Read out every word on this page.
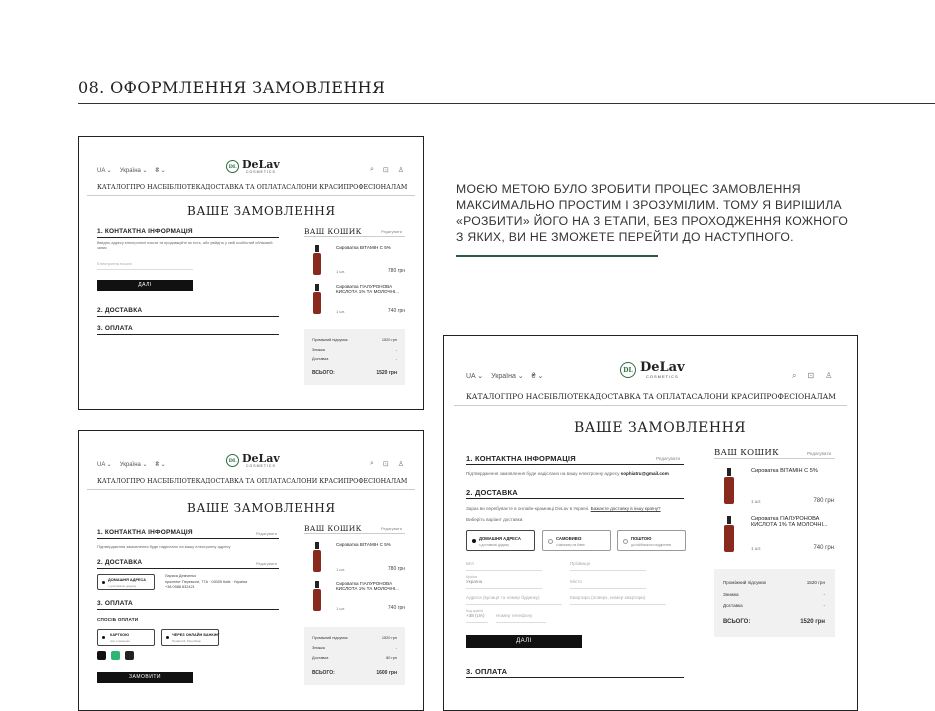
08. ОФОРМЛЕННЯ ЗАМОВЛЕННЯ
МОЄЮ МЕТОЮ БУЛО ЗРОБИТИ ПРОЦЕС ЗАМОВЛЕННЯ
МАКСИМАЛЬНО ПРОСТИМ І ЗРОЗУМІЛИМ. ТОМУ Я ВИРІШИЛА
«РОЗБИТИ» ЙОГО НА 3 ЕТАПИ, БЕЗ ПРОХОДЖЕННЯ КОЖНОГО
З ЯКИХ, ВИ НЕ ЗМОЖЕТЕ ПЕРЕЙТИ ДО НАСТУПНОГО.
UA ⌄ Україна ⌄ ₴ ⌄
DL DeLav
COSMETICS	⌕ ⊡ ♙
КАТАЛОГ ПРО НАС БІБЛІОТЕКА ДОСТАВКА ТА ОПЛАТА САЛОНИ КРАСИ ПРОФЕСІОНАЛАМ
ВАШЕ ЗАМОВЛЕННЯ
1. КОНТАКТНА ІНФОРМАЦІЯ
Введіть адресу електронної пошти та продовжуйте як гість, або увійдіть у свій особистий обліковий запис
Електронна пошта
ДАЛІ
2. ДОСТАВКА
3. ОПЛАТА
ВАШ КОШИК	Редагувати
Сироватка ВІТАМІН С 5%
1 шт.	780 грн
Сироватка ГІАЛУРОНОВА КИСЛОТА 1% ТА МОЛОЧНІ...
1 шт.	740 грн
Проміжний підсумок	1520 грн
Знижка	-
Доставка	-
ВСЬОГО:	1520 грн
UA ⌄ Україна ⌄ ₴ ⌄
DL DeLav
COSMETICS	⌕ ⊡ ♙
КАТАЛОГ ПРО НАС БІБЛІОТЕКА ДОСТАВКА ТА ОПЛАТА САЛОНИ КРАСИ ПРОФЕСІОНАЛАМ
ВАШЕ ЗАМОВЛЕННЯ
1. КОНТАКТНА ІНФОРМАЦІЯ	Редагувати
Підтвердження замовлення буде надіслано на вашу електронну адресу
2. ДОСТАВКА	Редагувати
ДОМАШНЯ АДРЕСА
з доставкою додому
Лариса Демченко
проспект Перемоги, 77А · 03005 Київ · Україна
+38 0988 832421
3. ОПЛАТА
СПОСІБ ОПЛАТИ
КАРТКОЮ
при отриманні
ЧЕРЕЗ ОНЛАЙН БАНКІНГ
Приват24, Монобанк
ЗАМОВИТИ
ВАШ КОШИК	Редагувати
Сироватка ВІТАМІН С 5%
1 шт.	780 грн
Сироватка ГІАЛУРОНОВА КИСЛОТА 1% ТА МОЛОЧНІ...
1 шт.	740 грн
Проміжний підсумок	1520 грн
Знижка	-
Доставка	80 грн
ВСЬОГО:	1600 грн
UA ⌄ Україна ⌄ ₴ ⌄
DL DeLav
COSMETICS	⌕ ⊡ ♙
КАТАЛОГ ПРО НАС БІБЛІОТЕКА ДОСТАВКА ТА ОПЛАТА САЛОНИ КРАСИ ПРОФЕСІОНАЛАМ
ВАШЕ ЗАМОВЛЕННЯ
1. КОНТАКТНА ІНФОРМАЦІЯ	Редагувати
Підтвердження замовлення буде надіслано на вашу електронну адресу sophiatru@gmail.com
2. ДОСТАВКА
Зараз ви перебуваєте в онлайн-крамниці DeLav в Україні. Бажаєте доставку в іншу країну?
Виберіть варіант доставки:
ДОМАШНЯ АДРЕСА
з доставкою додому
САМОВИВІЗ
з магазину на Києві
ПОШТОЮ
до найближчого відділення
Ім'я	Прізвище
Країна
Україна	Місто
Адреса (вулиця та номер будинку)	Квартира (поверх, номер квартири)
Код країни
+38 (UA)	Номер телефону
ДАЛІ
3. ОПЛАТА
ВАШ КОШИК	Редагувати
Сироватка ВІТАМІН С 5%
1 шт.	780 грн
Сироватка ГІАЛУРОНОВА КИСЛОТА 1% ТА МОЛОЧНІ...
1 шт.	740 грн
Проміжний підсумок	1520 грн
Знижка	-
Доставка	-
ВСЬОГО:	1520 грн
